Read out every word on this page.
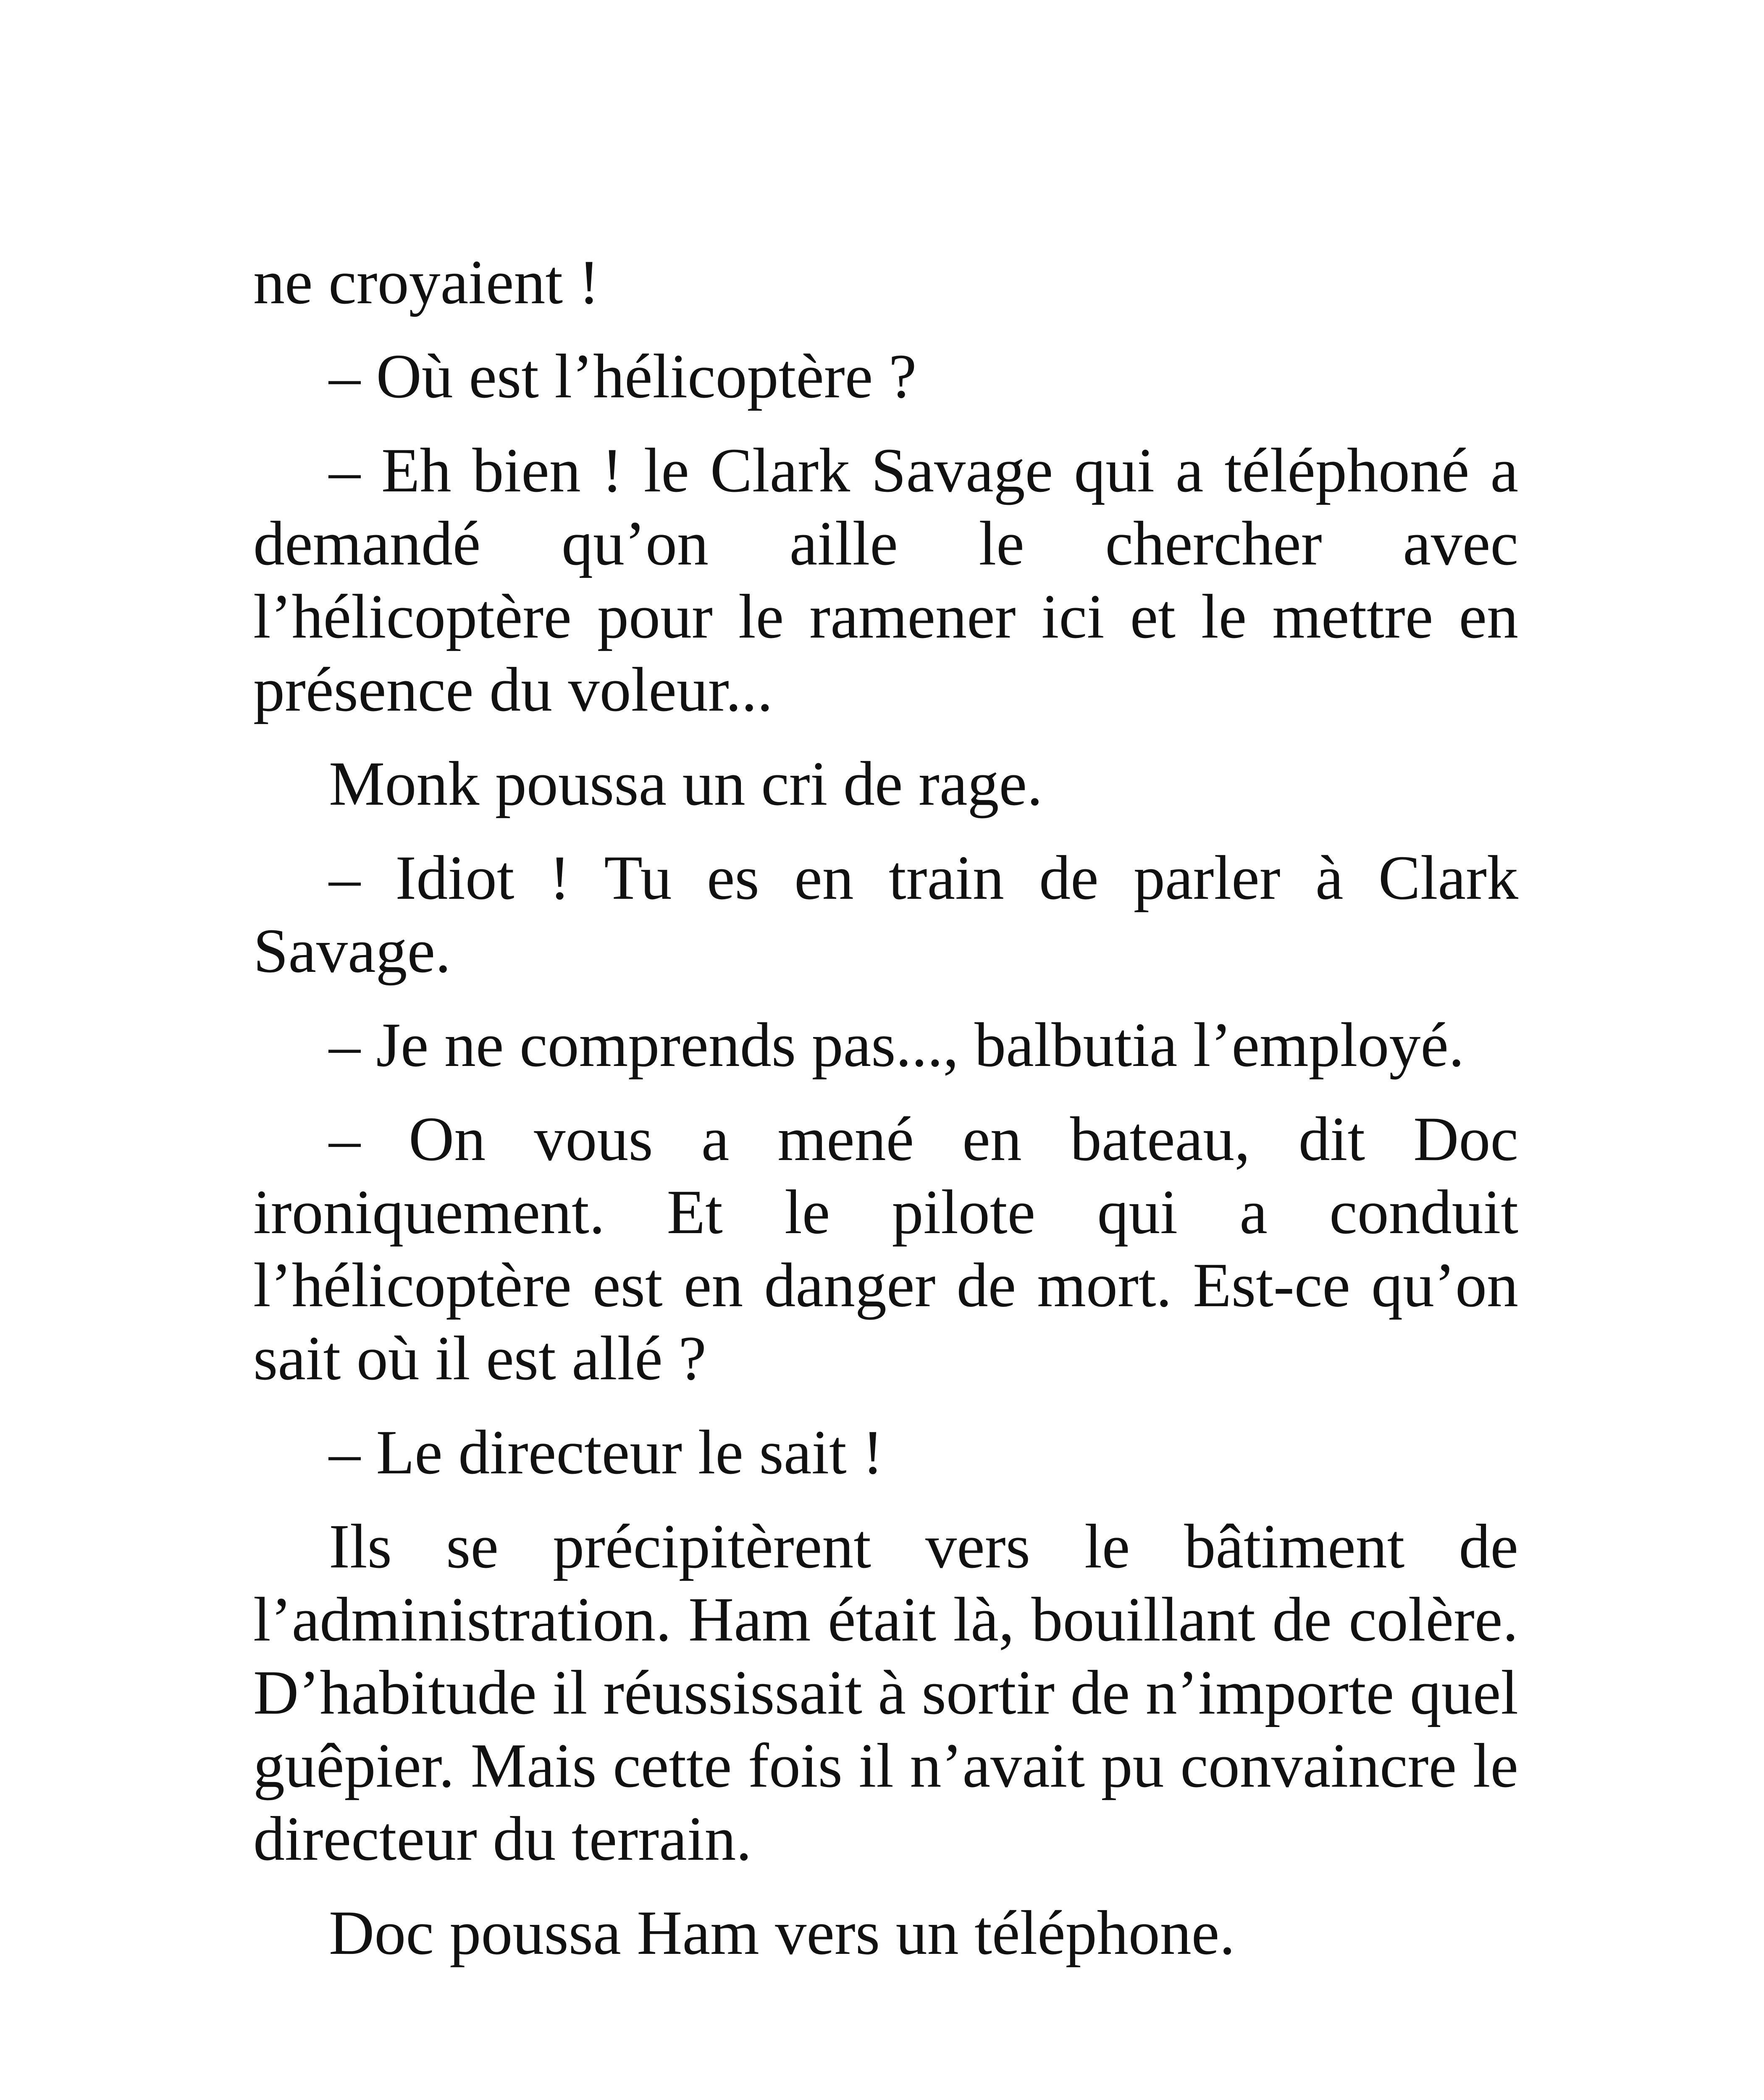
ne croyaient !

– Où est l’hélicoptère ?

– Eh bien ! le Clark Savage qui a téléphoné a demandé qu’on aille le chercher avec l’hélicoptère pour le ramener ici et le mettre en présence du voleur...

Monk poussa un cri de rage.

– Idiot ! Tu es en train de parler à Clark Savage.

– Je ne comprends pas..., balbutia l’employé.

– On vous a mené en bateau, dit Doc ironiquement. Et le pilote qui a conduit l’hélicoptère est en danger de mort. Est-ce qu’on sait où il est allé ?

– Le directeur le sait !

Ils se précipitèrent vers le bâtiment de l’administration. Ham était là, bouillant de colère. D’habitude il réussissait à sortir de n’importe quel guêpier. Mais cette fois il n’avait pu convaincre le directeur du terrain.

Doc poussa Ham vers un téléphone.
